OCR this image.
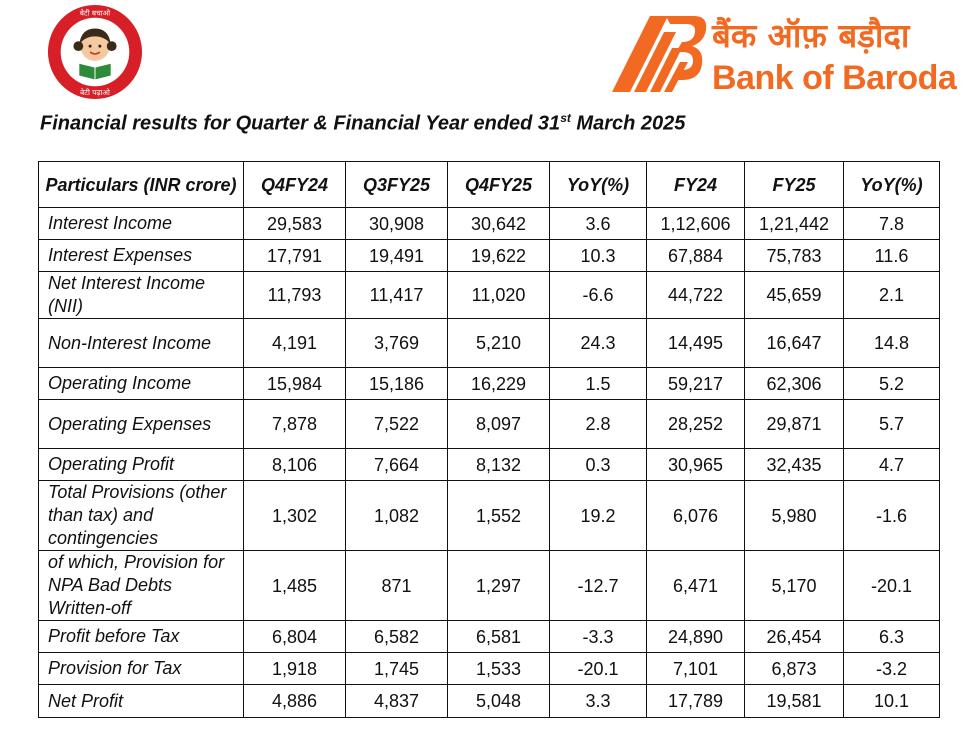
बेटी बचाओ
बेटी पढ़ाओ
बैंक ऑफ़ बड़ौदा
Bank of Baroda
Financial results for Quarter & Financial Year ended 31st March 2025
Particulars (INR crore)	Q4FY24	Q3FY25	Q4FY25	YoY(%)	FY24	FY25	YoY(%)
Interest Income	29,583	30,908	30,642	3.6	1,12,606	1,21,442	7.8
Interest Expenses	17,791	19,491	19,622	10.3	67,884	75,783	11.6
Net Interest Income (NII)	11,793	11,417	11,020	-6.6	44,722	45,659	2.1
Non-Interest Income	4,191	3,769	5,210	24.3	14,495	16,647	14.8
Operating Income	15,984	15,186	16,229	1.5	59,217	62,306	5.2
Operating Expenses	7,878	7,522	8,097	2.8	28,252	29,871	5.7
Operating Profit	8,106	7,664	8,132	0.3	30,965	32,435	4.7
Total Provisions (other than tax) and contingencies	1,302	1,082	1,552	19.2	6,076	5,980	-1.6
of which, Provision for NPA Bad Debts Written-off	1,485	871	1,297	-12.7	6,471	5,170	-20.1
Profit before Tax	6,804	6,582	6,581	-3.3	24,890	26,454	6.3
Provision for Tax	1,918	1,745	1,533	-20.1	7,101	6,873	-3.2
Net Profit	4,886	4,837	5,048	3.3	17,789	19,581	10.1
